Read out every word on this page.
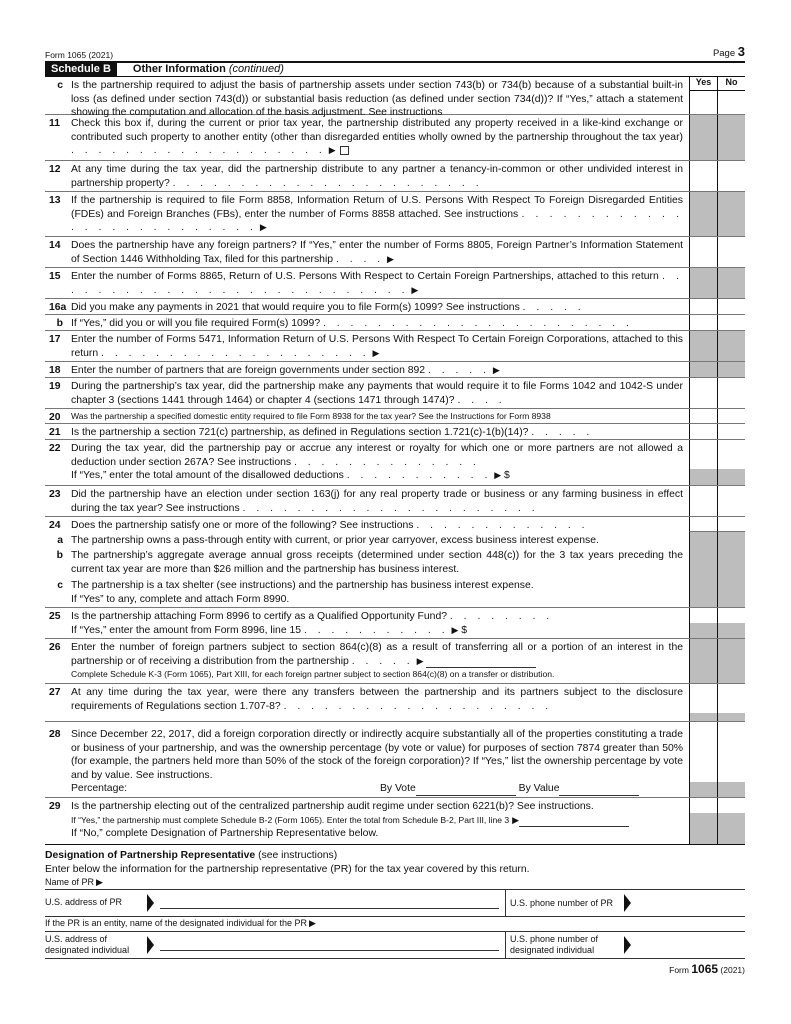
Form 1065 (2021)	Page 3
Schedule B	Other Information (continued)
c Is the partnership required to adjust the basis of partnership assets under section 743(b) or 734(b) because of a substantial built-in loss (as defined under section 743(d)) or substantial basis reduction (as defined under section 734(d))? If “Yes,” attach a statement showing the computation and allocation of the basis adjustment. See instructions
Yes	No
11	Check this box if, during the current or prior tax year, the partnership distributed any property received in a like-kind exchange or contributed such property to another entity (other than disregarded entities wholly owned by the partnership throughout the tax year) . . . . . . . . . . . . . . . . . . . ▶
12	At any time during the tax year, did the partnership distribute to any partner a tenancy-in-common or other undivided interest in partnership property? . . . . . . . . . . . . . . . . . . . . . . .
13	If the partnership is required to file Form 8858, Information Return of U.S. Persons With Respect To Foreign Disregarded Entities (FDEs) and Foreign Branches (FBs), enter the number of Forms 8858 attached. See instructions . . . . . . . . . . . . . . . . . . . . . . . . . . ▶
14	Does the partnership have any foreign partners? If “Yes,” enter the number of Forms 8805, Foreign Partner’s Information Statement of Section 1446 Withholding Tax, filed for this partnership . . . . ▶
15	Enter the number of Forms 8865, Return of U.S. Persons With Respect to Certain Foreign Partnerships, attached to this return . . . . . . . . . . . . . . . . . . . . . . . . . . . ▶
16a Did you make any payments in 2021 that would require you to file Form(s) 1099? See instructions . . . . .
b If “Yes,” did you or will you file required Form(s) 1099? . . . . . . . . . . . . . . . . . . . . . . .
17	Enter the number of Forms 5471, Information Return of U.S. Persons With Respect To Certain Foreign Corporations, attached to this return . . . . . . . . . . . . . . . . . . . . ▶
18	Enter the number of partners that are foreign governments under section 892 . . . . . ▶
19	During the partnership’s tax year, did the partnership make any payments that would require it to file Forms 1042 and 1042-S under chapter 3 (sections 1441 through 1464) or chapter 4 (sections 1471 through 1474)? . . . .
20	Was the partnership a specified domestic entity required to file Form 8938 for the tax year? See the Instructions for Form 8938
21	Is the partnership a section 721(c) partnership, as defined in Regulations section 1.721(c)-1(b)(14)? . . . . .
22	During the tax year, did the partnership pay or accrue any interest or royalty for which one or more partners are not allowed a deduction under section 267A? See instructions . . . . . . . . . . . . . .
If “Yes,” enter the total amount of the disallowed deductions . . . . . . . . . . . ▶ $
23	Did the partnership have an election under section 163(j) for any real property trade or business or any farming business in effect during the tax year? See instructions . . . . . . . . . . . . . . . . . . . . . .
24	Does the partnership satisfy one or more of the following? See instructions . . . . . . . . . . . . .
a The partnership owns a pass-through entity with current, or prior year carryover, excess business interest expense.
b The partnership’s aggregate average annual gross receipts (determined under section 448(c)) for the 3 tax years preceding the current tax year are more than $26 million and the partnership has business interest.
c The partnership is a tax shelter (see instructions) and the partnership has business interest expense.
If “Yes” to any, complete and attach Form 8990.
25	Is the partnership attaching Form 8996 to certify as a Qualified Opportunity Fund? . . . . . . . .
If “Yes,” enter the amount from Form 8996, line 15 . . . . . . . . . . . ▶ $
26	Enter the number of foreign partners subject to section 864(c)(8) as a result of transferring all or a portion of an interest in the partnership or of receiving a distribution from the partnership . . . . . ▶
Complete Schedule K-3 (Form 1065), Part XIII, for each foreign partner subject to section 864(c)(8) on a transfer or distribution.
27	At any time during the tax year, were there any transfers between the partnership and its partners subject to the disclosure requirements of Regulations section 1.707-8? . . . . . . . . . . . . . . . . . . . .
28	Since December 22, 2017, did a foreign corporation directly or indirectly acquire substantially all of the properties constituting a trade or business of your partnership, and was the ownership percentage (by vote or value) for purposes of section 7874 greater than 50% (for example, the partners held more than 50% of the stock of the foreign corporation)? If “Yes,” list the ownership percentage by vote and by value. See instructions.
Percentage:	By Vote	By Value
29	Is the partnership electing out of the centralized partnership audit regime under section 6221(b)? See instructions.
If “Yes,” the partnership must complete Schedule B-2 (Form 1065). Enter the total from Schedule B-2, Part III, line 3 ▶
If “No,” complete Designation of Partnership Representative below.
Designation of Partnership Representative (see instructions)
Enter below the information for the partnership representative (PR) for the tax year covered by this return.
Name of PR ▶
U.S. address of PR	U.S. phone number of PR
If the PR is an entity, name of the designated individual for the PR ▶
U.S. address of designated individual
U.S. phone number of designated individual
Form 1065 (2021)
